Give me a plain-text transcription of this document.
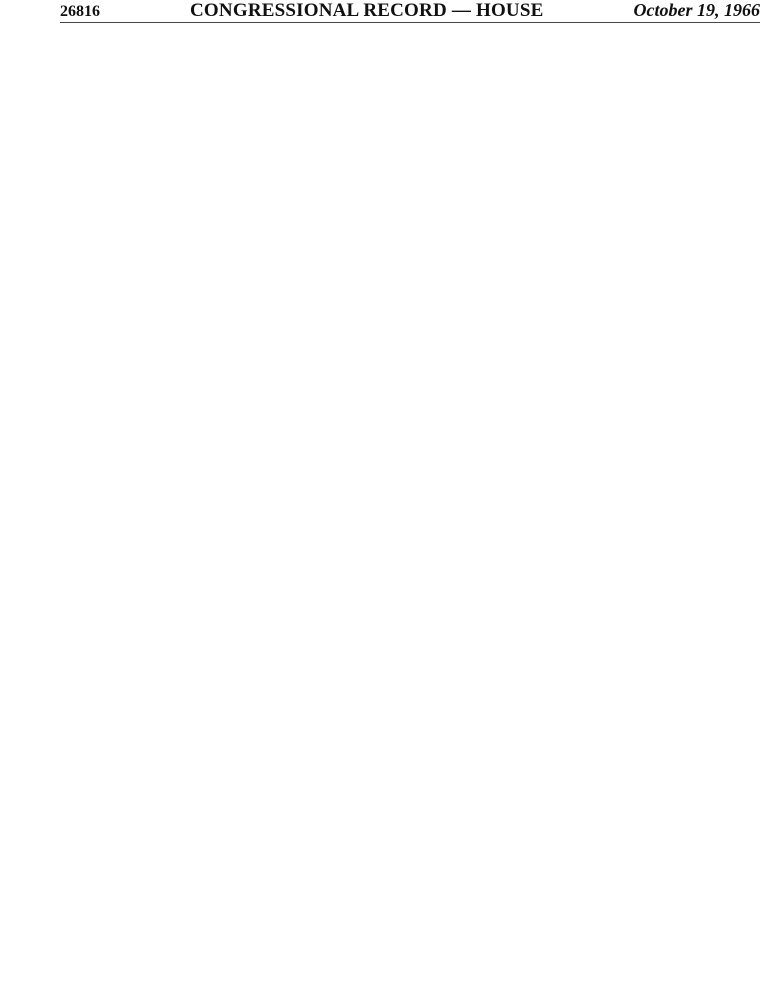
26816	CONGRESSIONAL RECORD — HOUSE	October 19, 1966
